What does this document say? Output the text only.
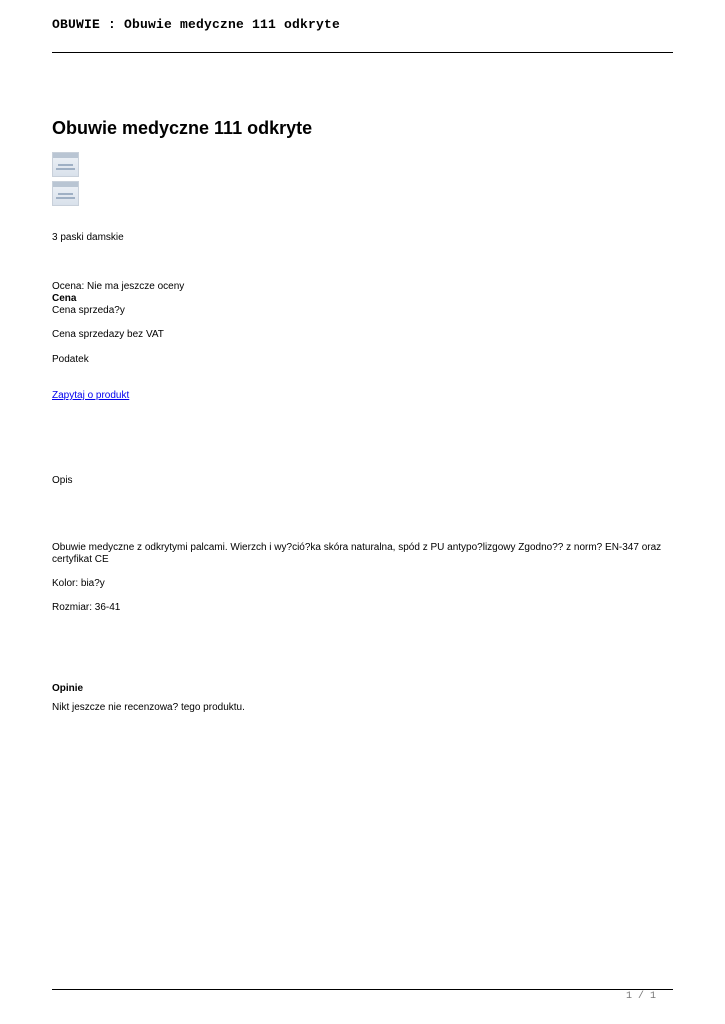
OBUWIE : Obuwie medyczne 111 odkryte
Obuwie medyczne 111 odkryte
3 paski damskie
Ocena: Nie ma jeszcze oceny
Cena
Cena sprzeda?y
Cena sprzedazy bez VAT
Podatek
Zapytaj o produkt
Opis
Obuwie medyczne z odkrytymi palcami. Wierzch i wy?ció?ka skóra naturalna, spód z PU antypo?lizgowy Zgodno?? z norm? EN-347 oraz certyfikat CE
Kolor: bia?y
Rozmiar: 36-41
Opinie
Nikt jeszcze nie recenzowa? tego produktu.
1 / 1
